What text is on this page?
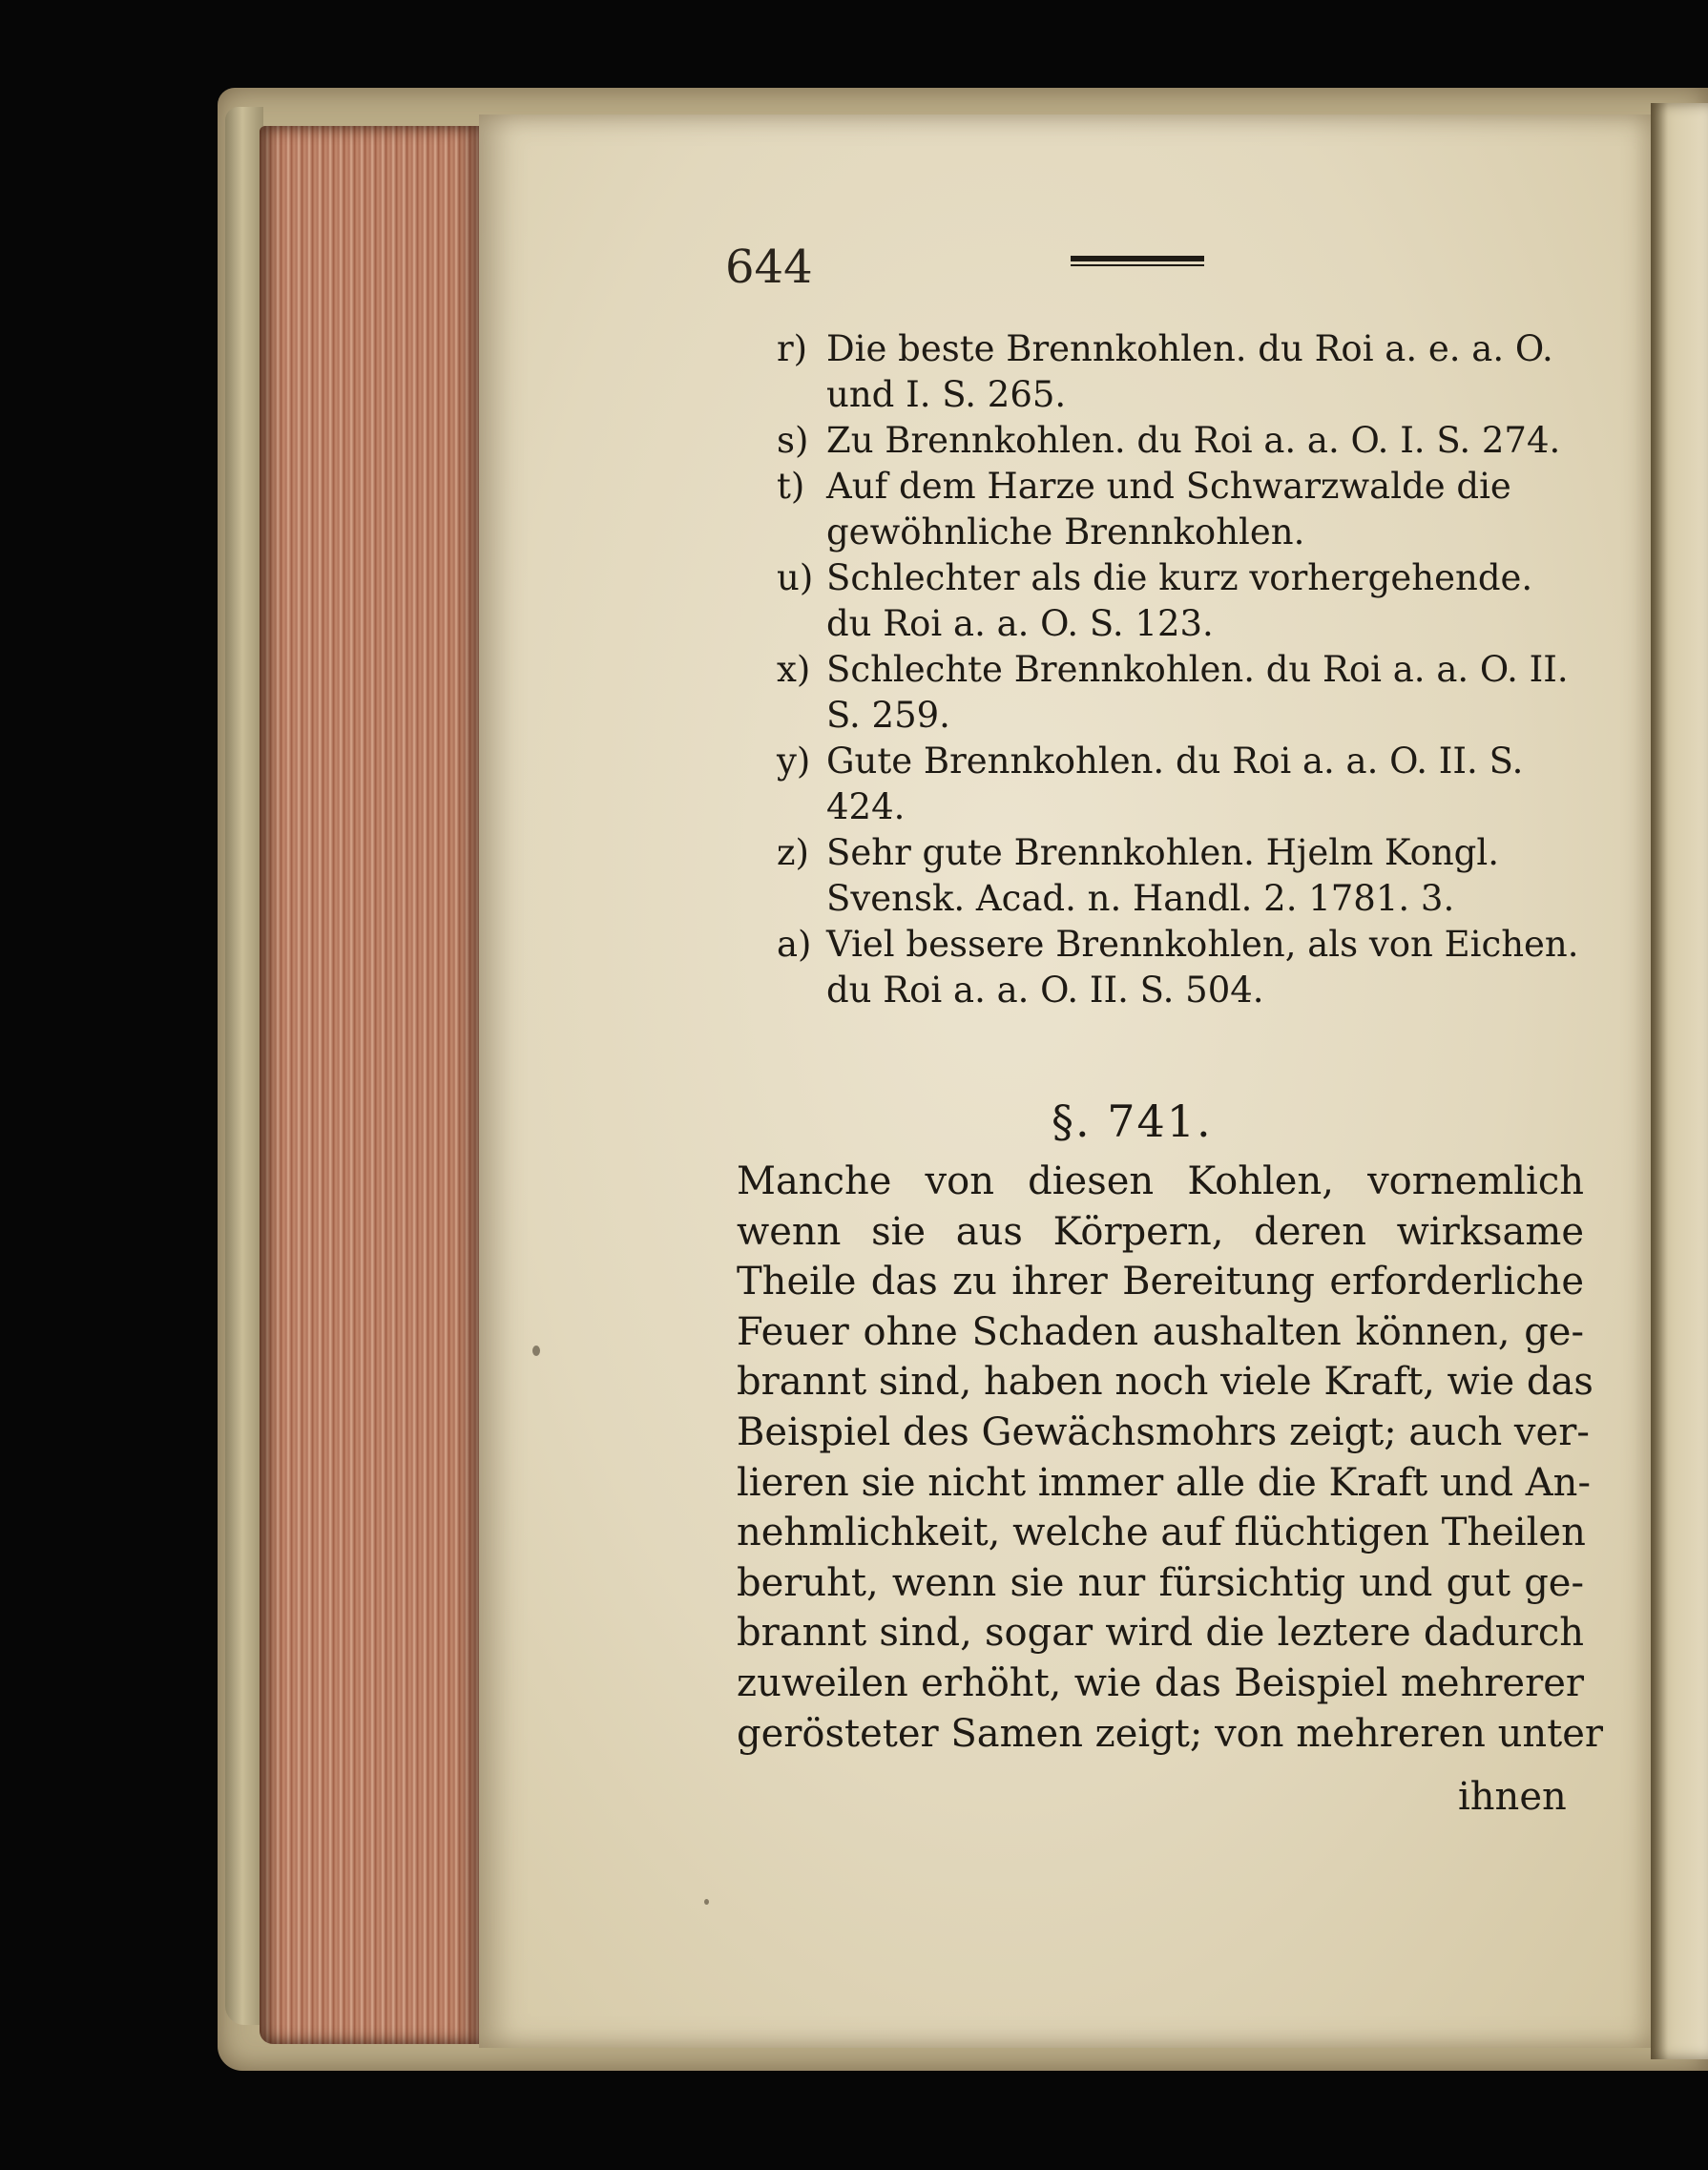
644
r) Die beste Brennkohlen. du Roi a. e. a. O. und I. S. 265.
s) Zu Brennkohlen. du Roi a. a. O. I. S. 274.
t) Auf dem Harze und Schwarzwalde die gewöhnliche Brennkohlen.
u) Schlechter als die kurz vorhergehende. du Roi a. a. O. S. 123.
x) Schlechte Brennkohlen. du Roi a. a. O. II. S. 259.
y) Gute Brennkohlen. du Roi a. a. O. II. S. 424.
z) Sehr gute Brennkohlen. Hjelm Kongl. Svensk. Acad. n. Handl. 2. 1781. 3.
a) Viel bessere Brennkohlen, als von Eichen. du Roi a. a. O. II. S. 504.
§. 741.
Manche von diesen Kohlen, vornemlich
wenn sie aus Körpern, deren wirksame
Theile das zu ihrer Bereitung erforderliche
Feuer ohne Schaden aushalten können, ge-
brannt sind, haben noch viele Kraft, wie das
Beispiel des Gewächsmohrs zeigt; auch ver-
lieren sie nicht immer alle die Kraft und An-
nehmlichkeit, welche auf flüchtigen Theilen
beruht, wenn sie nur fürsichtig und gut ge-
brannt sind, sogar wird die leztere dadurch
zuweilen erhöht, wie das Beispiel mehrerer
gerösteter Samen zeigt; von mehreren unter
ihnen
